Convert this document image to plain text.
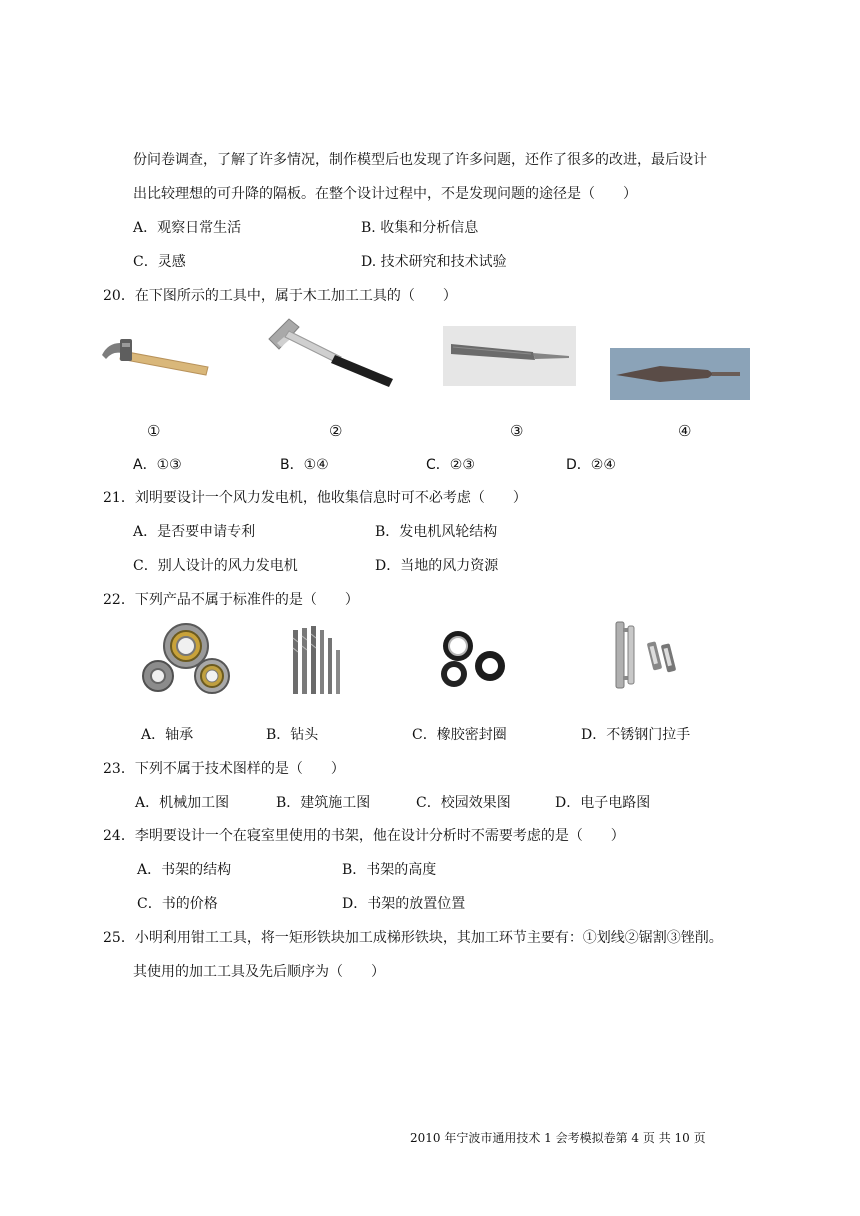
份问卷调查，了解了许多情况，制作模型后也发现了许多问题，还作了很多的改进，最后设计
出比较理想的可升降的隔板。在整个设计过程中，不是发现问题的途径是（　　）
A．观察日常生活	B. 收集和分析信息
C．灵感	D. 技术研究和技术试验
20．在下图所示的工具中，属于木工加工工具的（　　）
①	②	③	④
A．①③	B．①④	C．②③	D．②④
21．刘明要设计一个风力发电机，他收集信息时可不必考虑（　　）
A．是否要申请专利	B．发电机风轮结构
C．别人设计的风力发电机	D．当地的风力资源
22．下列产品不属于标准件的是（　　）
A．轴承	B．钻头	C．橡胶密封圈	D．不锈钢门拉手
23．下列不属于技术图样的是（　　）
A．机械加工图	B．建筑施工图	C．校园效果图	D．电子电路图
24．李明要设计一个在寝室里使用的书架，他在设计分析时不需要考虑的是（　　）
A．书架的结构	B．书架的高度
C．书的价格	D．书架的放置位置
25．小明利用钳工工具，将一矩形铁块加工成梯形铁块，其加工环节主要有：①划线②锯割③锉削。
其使用的加工工具及先后顺序为（　　）
2010 年宁波市通用技术 1 会考模拟卷第 4 页 共 10 页
